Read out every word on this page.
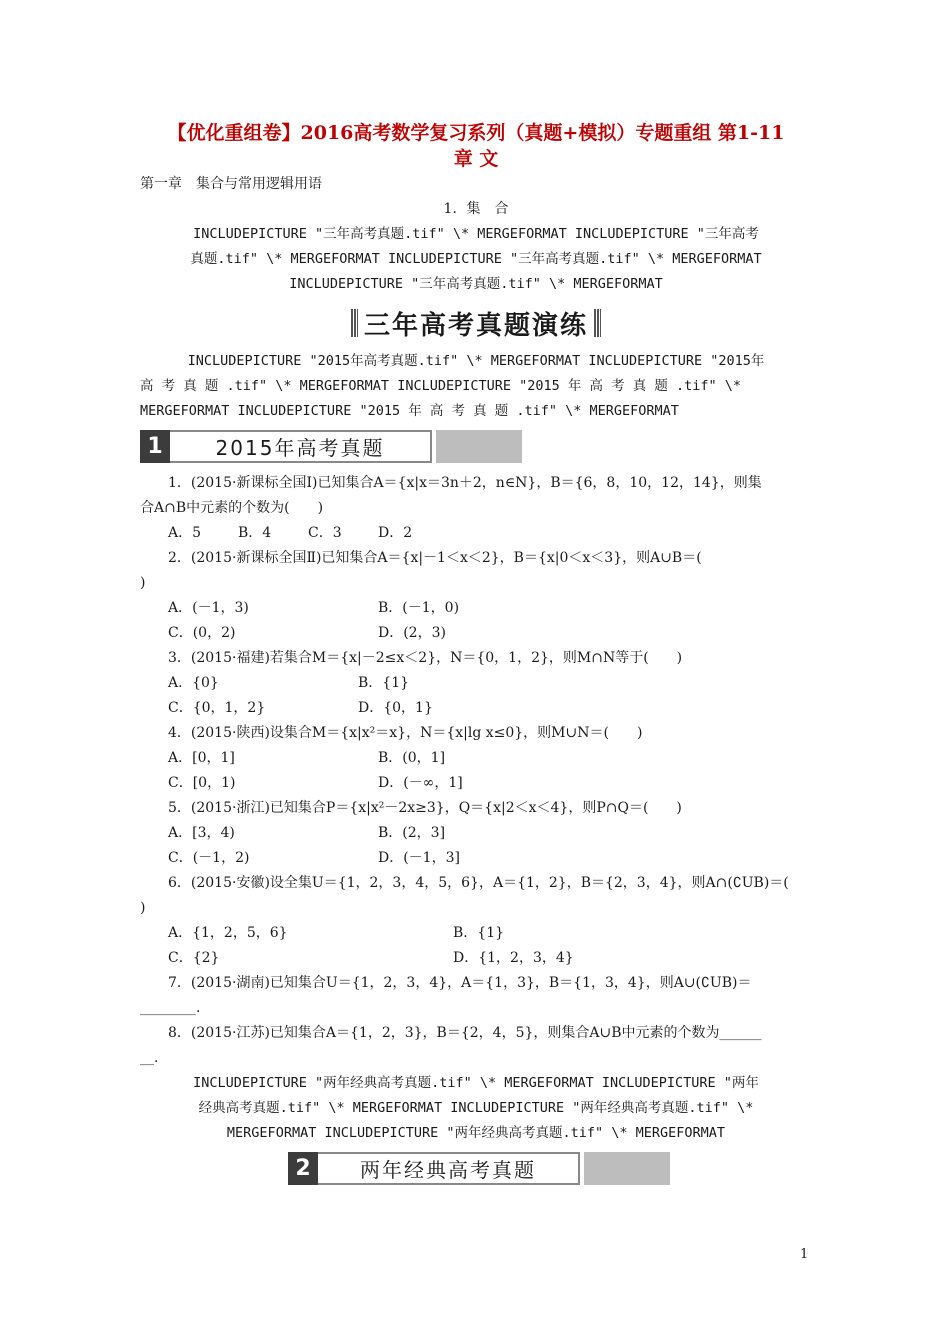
【优化重组卷】2016高考数学复习系列（真题+模拟）专题重组 第1-11

章 文

第一章　集合与常用逻辑用语
1．集　合
INCLUDEPICTURE "三年高考真题.tif" \* MERGEFORMAT INCLUDEPICTURE "三年高考
真题.tif" \* MERGEFORMAT INCLUDEPICTURE "三年高考真题.tif" \* MERGEFORMAT
INCLUDEPICTURE "三年高考真题.tif" \* MERGEFORMAT
三年高考真题演练
INCLUDEPICTURE "2015年高考真题.tif" \* MERGEFORMAT INCLUDEPICTURE "2015年
高 考 真 题 .tif" \* MERGEFORMAT INCLUDEPICTURE "2015 年 高 考 真 题 .tif" \*
MERGEFORMAT INCLUDEPICTURE "2015 年 高 考 真 题 .tif" \* MERGEFORMAT
1	2015年高考真题
1．(2015·新课标全国Ⅰ)已知集合A＝{x|x＝3n＋2，n∈N}，B＝{6，8，10，12，14}，则集
合A∩B中元素的个数为(　　)
A．5	B．4	C．3	D．2
2．(2015·新课标全国Ⅱ)已知集合A＝{x|－1＜x＜2}，B＝{x|0＜x＜3}，则A∪B＝(
)
A．(－1，3)	B．(－1，0)
C．(0，2)	D．(2，3)
3．(2015·福建)若集合M＝{x|－2≤x＜2}，N＝{0，1，2}，则M∩N等于(　　)
A．{0}	B．{1}
C．{0，1，2}	D．{0，1}
4．(2015·陕西)设集合M＝{x|x²＝x}，N＝{x|lg x≤0}，则M∪N＝(　　)
A．[0，1]	B．(0，1]
C．[0，1)	D．(－∞，1]
5．(2015·浙江)已知集合P＝{x|x²－2x≥3}，Q＝{x|2＜x＜4}，则P∩Q＝(　　)
A．[3，4)	B．(2，3]
C．(－1，2)	D．(－1，3]
6．(2015·安徽)设全集U＝{1，2，3，4，5，6}，A＝{1，2}，B＝{2，3，4}，则A∩(∁UB)＝(
)
A．{1，2，5，6}	B．{1}
C．{2}	D．{1，2，3，4}
7．(2015·湖南)已知集合U＝{1，2，3，4}，A＝{1，3}，B＝{1，3，4}，则A∪(∁UB)＝
________.
8．(2015·江苏)已知集合A＝{1，2，3}，B＝{2，4，5}，则集合A∪B中元素的个数为______
__.
INCLUDEPICTURE "两年经典高考真题.tif" \* MERGEFORMAT INCLUDEPICTURE "两年
经典高考真题.tif" \* MERGEFORMAT INCLUDEPICTURE "两年经典高考真题.tif" \*
MERGEFORMAT INCLUDEPICTURE "两年经典高考真题.tif" \* MERGEFORMAT
2	两年经典高考真题
1
